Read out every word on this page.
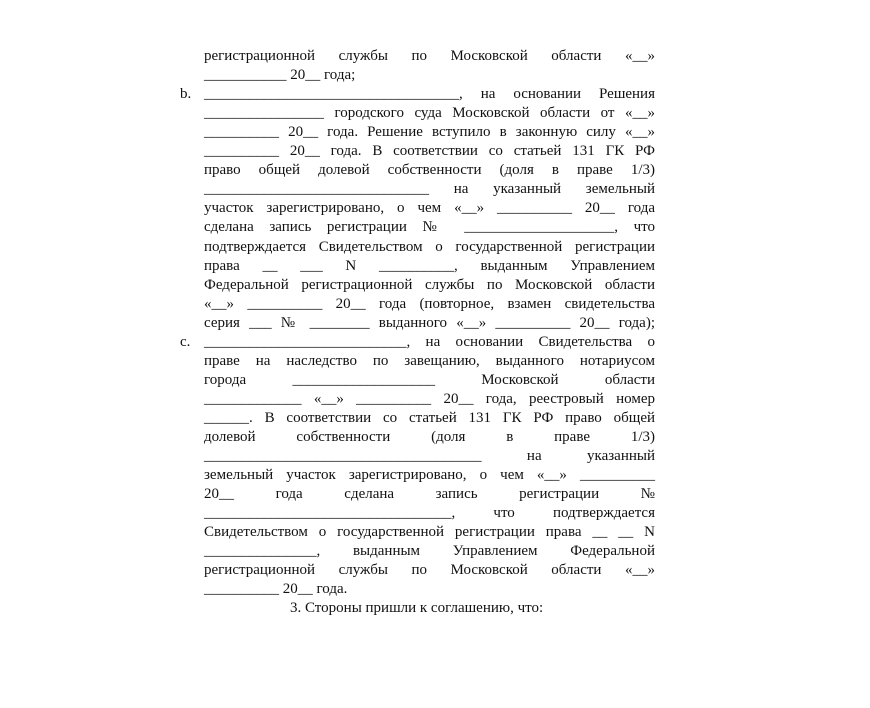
регистрационной службы по Московской области «__»
___________ 20__ года;
b. __________________________________, на основании Решения
________________ городского суда Московской области от «__»
__________ 20__ года. Решение вступило в законную силу «__»
__________ 20__ года. В соответствии со статьей 131 ГК РФ
право общей долевой собственности (доля в праве 1/3)
______________________________ на указанный земельный
участок зарегистрировано, о чем «__» __________ 20__ года
сделана запись регистрации № ____________________, что
подтверждается Свидетельством о государственной регистрации
права __ ___ N __________, выданным Управлением
Федеральной регистрационной службы по Московской области
«__» __________ 20__ года (повторное, взамен свидетельства
серия ___ № ________ выданного «__» __________ 20__ года);
c. ___________________________, на основании Свидетельства о
праве на наследство по завещанию, выданного нотариусом
города ___________________ Московской области
_____________ «__» __________ 20__ года, реестровый номер
______. В соответствии со статьей 131 ГК РФ право общей
долевой собственности (доля в праве 1/3)
_____________________________________ на указанный
земельный участок зарегистрировано, о чем «__» __________
20__ года сделана запись регистрации №
_________________________________, что подтверждается
Свидетельством о государственной регистрации права __ __ N
_______________, выданным Управлением Федеральной
регистрационной службы по Московской области «__»
__________ 20__ года.
3. Стороны пришли к соглашению, что:
